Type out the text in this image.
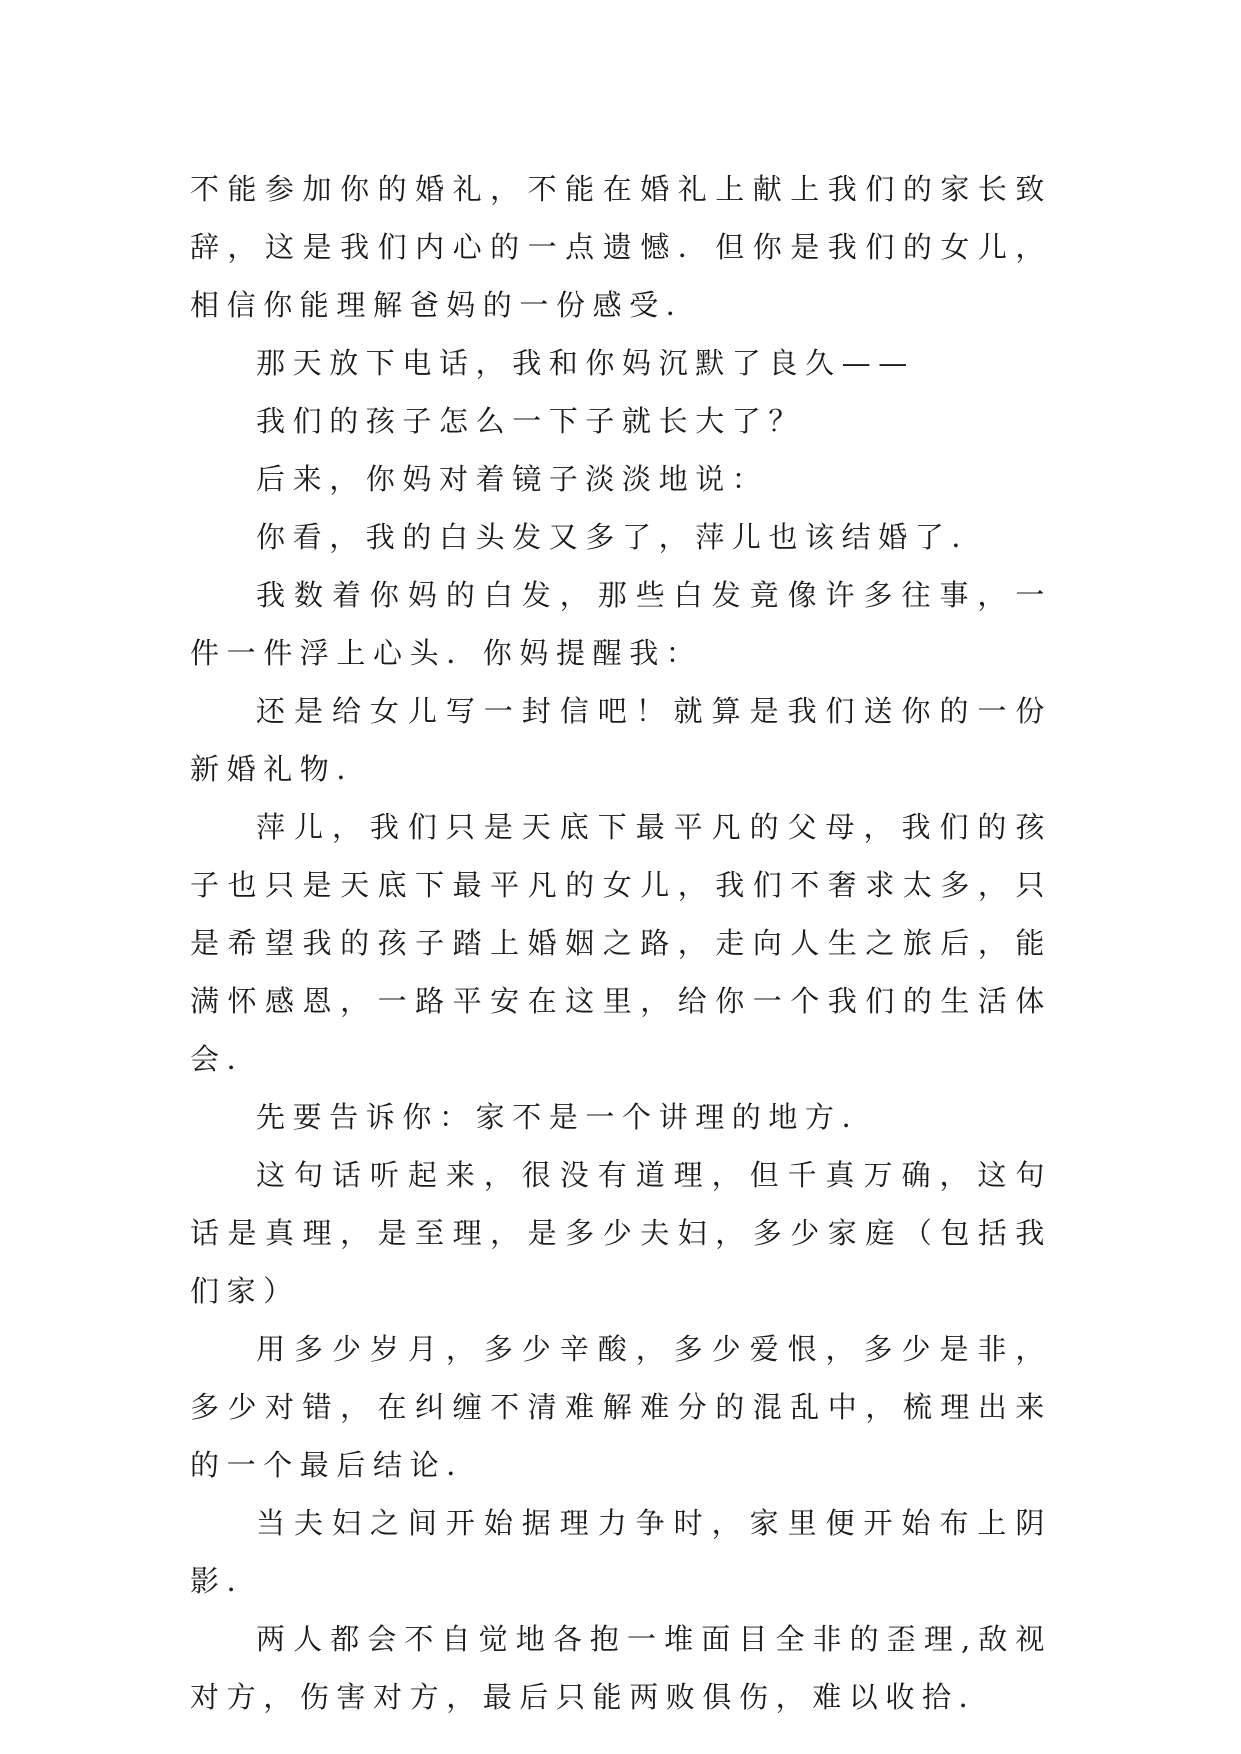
不能参加你的婚礼，不能在婚礼上献上我们的家长致辞，这是我们内心的一点遗憾．但你是我们的女儿，相信你能理解爸妈的一份感受．

那天放下电话，我和你妈沉默了良久——

我们的孩子怎么一下子就长大了？

后来，你妈对着镜子淡淡地说：

你看，我的白头发又多了，萍儿也该结婚了．

我数着你妈的白发，那些白发竟像许多往事，一件一件浮上心头．你妈提醒我：

还是给女儿写一封信吧！就算是我们送你的一份新婚礼物．

萍儿，我们只是天底下最平凡的父母，我们的孩子也只是天底下最平凡的女儿，我们不奢求太多，只是希望我的孩子踏上婚姻之路，走向人生之旅后，能满怀感恩，一路平安在这里，给你一个我们的生活体会．

先要告诉你：家不是一个讲理的地方．

这句话听起来，很没有道理，但千真万确，这句话是真理，是至理，是多少夫妇，多少家庭（包括我们家）

用多少岁月，多少辛酸，多少爱恨，多少是非，多少对错，在纠缠不清难解难分的混乱中，梳理出来的一个最后结论．

当夫妇之间开始据理力争时，家里便开始布上阴影．

两人都会不自觉地各抱一堆面目全非的歪理,敌视对方，伤害对方，最后只能两败俱伤，难以收拾．
